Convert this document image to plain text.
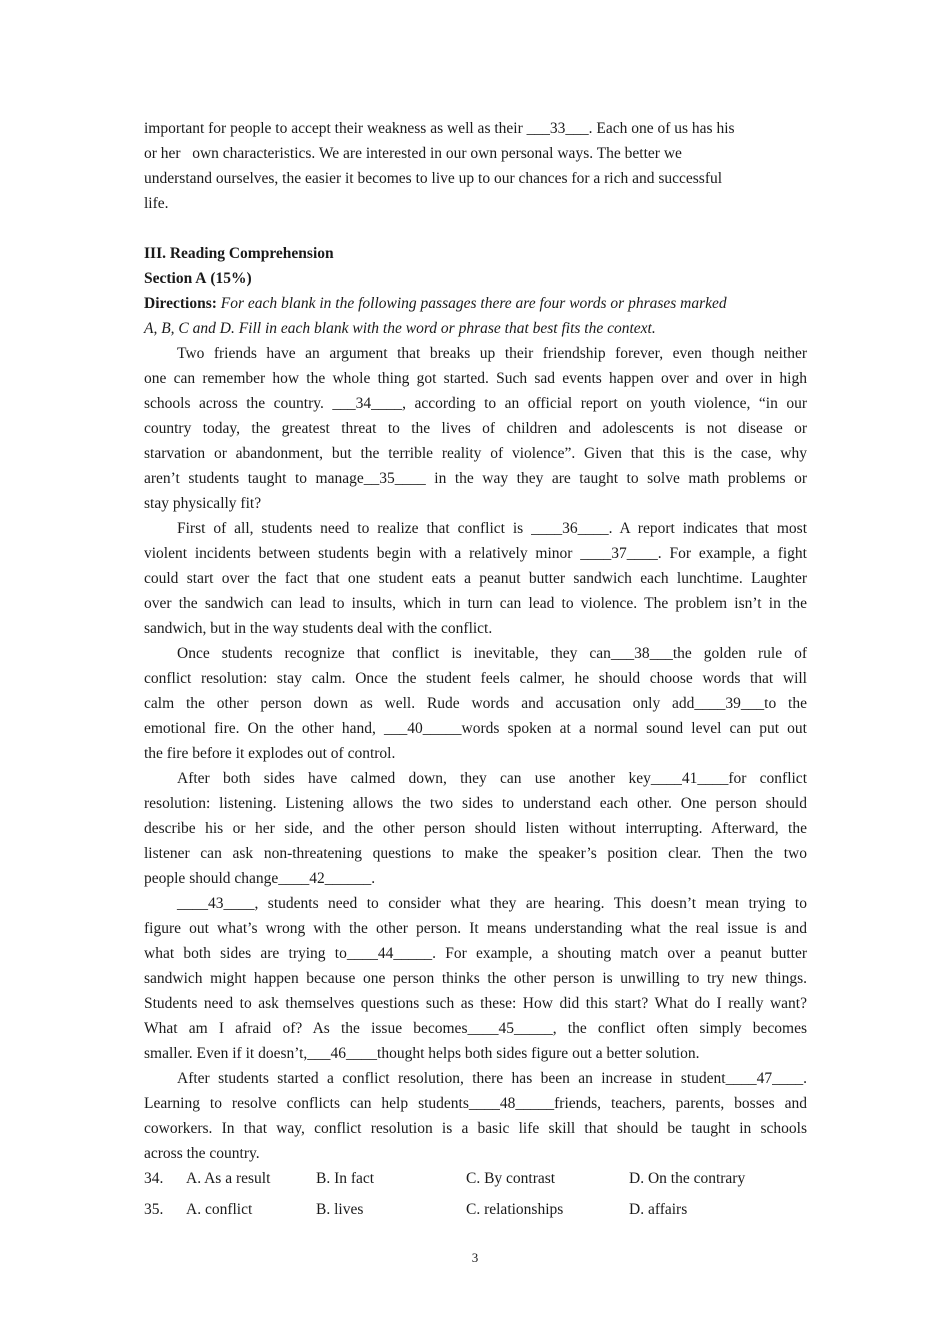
important for people to accept their weakness as well as their ___33___. Each one of us has his
or her   own characteristics. We are interested in our own personal ways. The better we
understand ourselves, the easier it becomes to live up to our chances for a rich and successful
life.
III. Reading Comprehension
Section A (15%)
Directions: For each blank in the following passages there are four words or phrases marked
A, B, C and D. Fill in each blank with the word or phrase that best fits the context.
Two friends have an argument that breaks up their friendship forever, even though neither
one can remember how the whole thing got started. Such sad events happen over and over in high
schools across the country. ___34____, according to an official report on youth violence, “in our
country today, the greatest threat to the lives of children and adolescents is not disease or
starvation or abandonment, but the terrible reality of violence”. Given that this is the case, why
aren’t students taught to manage__35____ in the way they are taught to solve math problems or
stay physically fit?
First of all, students need to realize that conflict is ____36____. A report indicates that most
violent incidents between students begin with a relatively minor ____37____. For example, a fight
could start over the fact that one student eats a peanut butter sandwich each lunchtime. Laughter
over the sandwich can lead to insults, which in turn can lead to violence. The problem isn’t in the
sandwich, but in the way students deal with the conflict.
Once students recognize that conflict is inevitable, they can___38___the golden rule of
conflict resolution: stay calm. Once the student feels calmer, he should choose words that will
calm the other person down as well. Rude words and accusation only add____39___to the
emotional fire. On the other hand, ___40_____words spoken at a normal sound level can put out
the fire before it explodes out of control.
After both sides have calmed down, they can use another key____41____for conflict
resolution: listening. Listening allows the two sides to understand each other. One person should
describe his or her side, and the other person should listen without interrupting. Afterward, the
listener can ask non-threatening questions to make the speaker’s position clear. Then the two
people should change____42______.
____43____, students need to consider what they are hearing. This doesn’t mean trying to
figure out what’s wrong with the other person. It means understanding what the real issue is and
what both sides are trying to____44_____. For example, a shouting match over a peanut butter
sandwich might happen because one person thinks the other person is unwilling to try new things.
Students need to ask themselves questions such as these: How did this start? What do I really want?
What am I afraid of? As the issue becomes____45_____, the conflict often simply becomes
smaller. Even if it doesn’t,___46____thought helps both sides figure out a better solution.
After students started a conflict resolution, there has been an increase in student____47____.
Learning to resolve conflicts can help students____48_____friends, teachers, parents, bosses and
coworkers. In that way, conflict resolution is a basic life skill that should be taught in schools
across the country.
34. A. As a result	B. In fact	C. By contrast	D. On the contrary
35. A. conflict	B. lives	C. relationships	D. affairs
3
